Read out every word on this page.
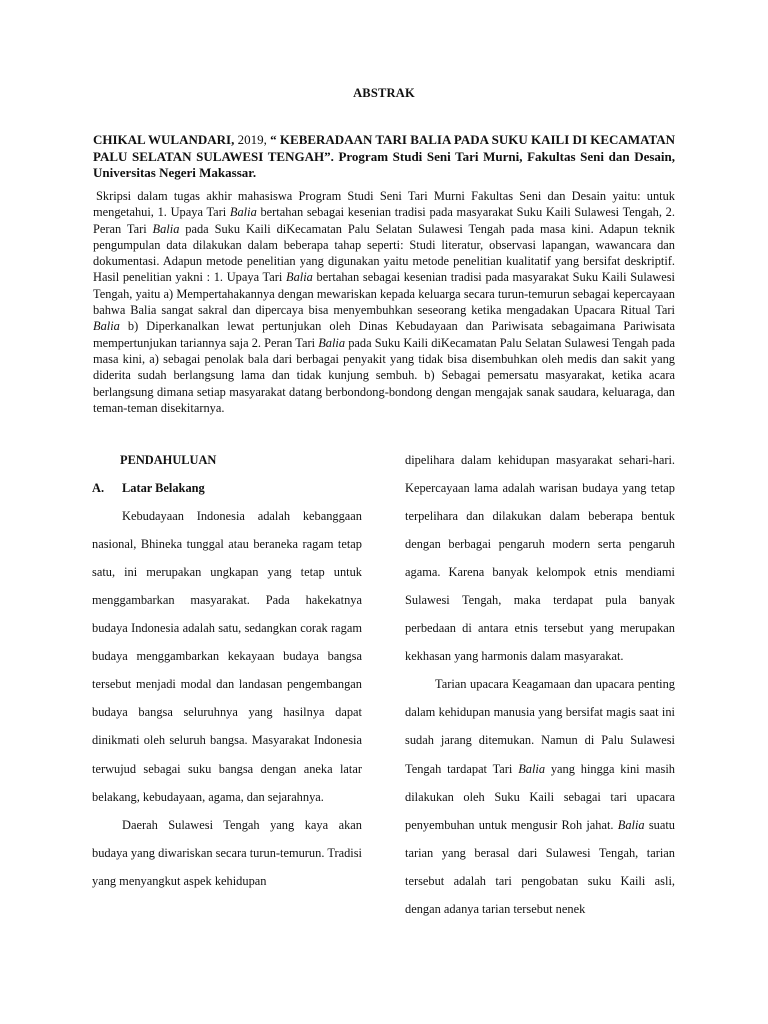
ABSTRAK
CHIKAL WULANDARI, 2019, “ KEBERADAAN TARI BALIA PADA SUKU KAILI DI KECAMATAN PALU SELATAN SULAWESI TENGAH”. Program Studi Seni Tari Murni, Fakultas Seni dan Desain, Universitas Negeri Makassar.

Skripsi dalam tugas akhir mahasiswa Program Studi Seni Tari Murni Fakultas Seni dan Desain yaitu: untuk mengetahui, 1. Upaya Tari Balia bertahan sebagai kesenian tradisi pada masyarakat Suku Kaili Sulawesi Tengah, 2. Peran Tari Balia pada Suku Kaili diKecamatan Palu Selatan Sulawesi Tengah pada masa kini. Adapun teknik pengumpulan data dilakukan dalam beberapa tahap seperti: Studi literatur, observasi lapangan, wawancara dan dokumentasi. Adapun metode penelitian yang digunakan yaitu metode penelitian kualitatif yang bersifat deskriptif. Hasil penelitian yakni : 1. Upaya Tari Balia bertahan sebagai kesenian tradisi pada masyarakat Suku Kaili Sulawesi Tengah, yaitu a) Mempertahakannya dengan mewariskan kepada keluarga secara turun-temurun sebagai kepercayaan bahwa Balia sangat sakral dan dipercaya bisa menyembuhkan seseorang ketika mengadakan Upacara Ritual Tari Balia b) Diperkanalkan lewat pertunjukan oleh Dinas Kebudayaan dan Pariwisata sebagaimana Pariwisata mempertunjukan tariannya saja 2. Peran Tari Balia pada Suku Kaili diKecamatan Palu Selatan Sulawesi Tengah pada masa kini, a) sebagai penolak bala dari berbagai penyakit yang tidak bisa disembuhkan oleh medis dan sakit yang diderita sudah berlangsung lama dan tidak kunjung sembuh. b) Sebagai pemersatu masyarakat, ketika acara berlangsung dimana setiap masyarakat datang berbondong-bondong dengan mengajak sanak saudara, keluaraga, dan teman-teman disekitarnya.

PENDAHULUAN

A.	Latar Belakang

Kebudayaan Indonesia adalah kebanggaan nasional, Bhineka tunggal atau beraneka ragam tetap satu, ini merupakan ungkapan yang tetap untuk menggambarkan masyarakat. Pada hakekatnya budaya Indonesia adalah satu, sedangkan corak ragam budaya menggambarkan kekayaan budaya bangsa tersebut menjadi modal dan landasan pengembangan budaya bangsa seluruhnya yang hasilnya dapat dinikmati oleh seluruh bangsa. Masyarakat Indonesia terwujud sebagai suku bangsa dengan aneka latar belakang, kebudayaan, agama, dan sejarahnya.

Daerah Sulawesi Tengah yang kaya akan budaya yang diwariskan secara turun-temurun. Tradisi yang menyangkut aspek kehidupan

dipelihara dalam kehidupan masyarakat sehari-hari. Kepercayaan lama adalah warisan budaya yang tetap terpelihara dan dilakukan dalam beberapa bentuk dengan berbagai pengaruh modern serta pengaruh agama. Karena banyak kelompok etnis mendiami Sulawesi Tengah, maka terdapat pula banyak perbedaan di antara etnis tersebut yang merupakan kekhasan yang harmonis dalam masyarakat.

Tarian upacara Keagamaan dan upacara penting dalam kehidupan manusia yang bersifat magis saat ini sudah jarang ditemukan. Namun di Palu Sulawesi Tengah tardapat Tari Balia yang hingga kini masih dilakukan oleh Suku Kaili sebagai tari upacara penyembuhan untuk mengusir Roh jahat. Balia suatu tarian yang berasal dari Sulawesi Tengah, tarian tersebut adalah tari pengobatan suku Kaili asli, dengan adanya tarian tersebut nenek
